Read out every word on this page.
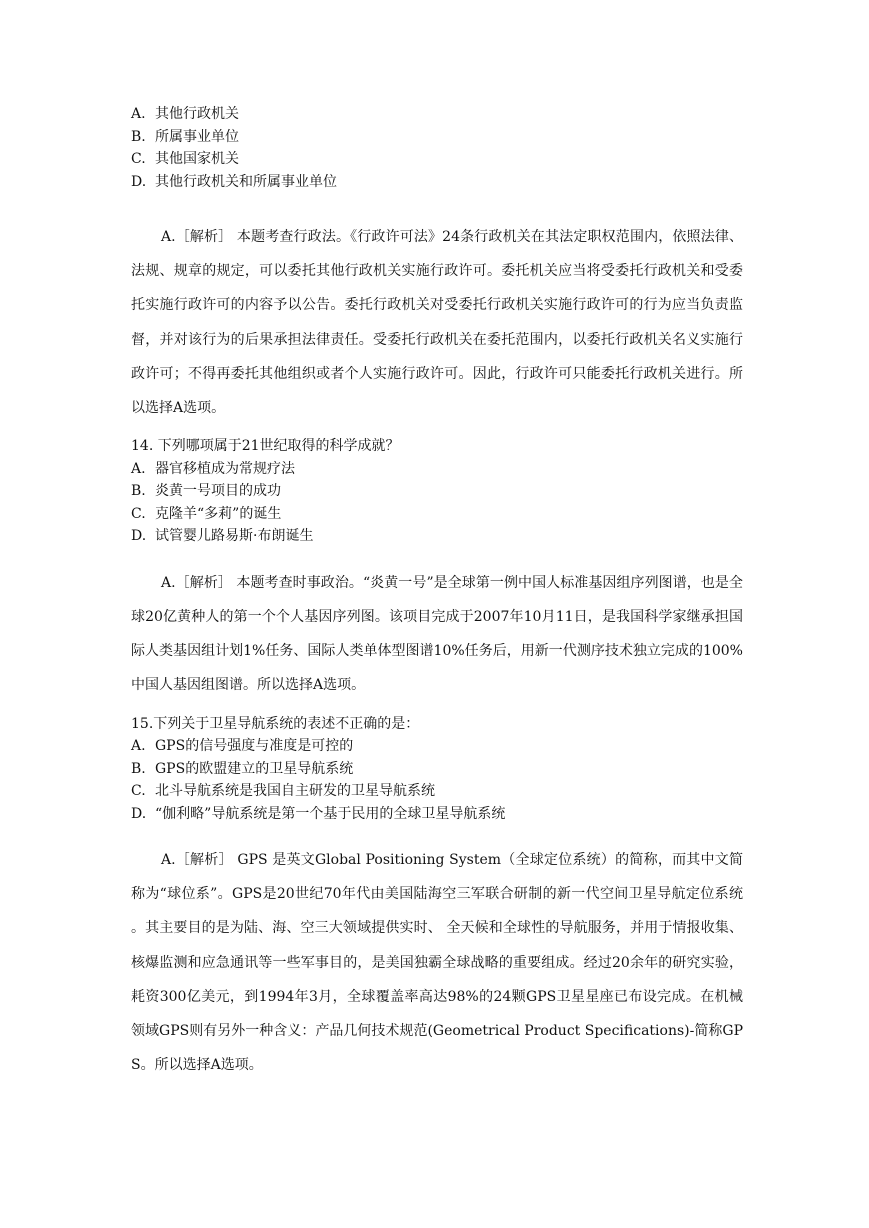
A. 其他行政机关
B. 所属事业单位
C. 其他国家机关
D. 其他行政机关和所属事业单位

A.［解析］ 本题考查行政法。《行政许可法》24条行政机关在其法定职权范围内，依照法律、法规、规章的规定，可以委托其他行政机关实施行政许可。委托机关应当将受委托行政机关和受委托实施行政许可的内容予以公告。委托行政机关对受委托行政机关实施行政许可的行为应当负责监督，并对该行为的后果承担法律责任。受委托行政机关在委托范围内，以委托行政机关名义实施行政许可；不得再委托其他组织或者个人实施行政许可。因此，行政许可只能委托行政机关进行。所以选择A选项。

14. 下列哪项属于21世纪取得的科学成就？
A. 器官移植成为常规疗法
B. 炎黄一号项目的成功
C. 克隆羊“多莉”的诞生
D. 试管婴儿路易斯·布朗诞生

A.［解析］ 本题考查时事政治。“炎黄一号”是全球第一例中国人标准基因组序列图谱，也是全球20亿黄种人的第一个个人基因序列图。该项目完成于2007年10月11日，是我国科学家继承担国际人类基因组计划1%任务、国际人类单体型图谱10%任务后，用新一代测序技术独立完成的100%中国人基因组图谱。所以选择A选项。

15.下列关于卫星导航系统的表述不正确的是：
A. GPS的信号强度与准度是可控的
B. GPS的欧盟建立的卫星导航系统
C. 北斗导航系统是我国自主研发的卫星导航系统
D. “伽利略”导航系统是第一个基于民用的全球卫星导航系统

A.［解析］ GPS 是英文Global Positioning System（全球定位系统）的简称，而其中文简称为“球位系”。GPS是20世纪70年代由美国陆海空三军联合研制的新一代空间卫星导航定位系统 。其主要目的是为陆、海、空三大领域提供实时、 全天候和全球性的导航服务，并用于情报收集、核爆监测和应急通讯等一些军事目的，是美国独霸全球战略的重要组成。经过20余年的研究实验，耗资300亿美元，到1994年3月，全球覆盖率高达98%的24颗GPS卫星星座已布设完成。在机械领域GPS则有另外一种含义：产品几何技术规范(Geometrical Product Specifications)-简称GPS。所以选择A选项。
